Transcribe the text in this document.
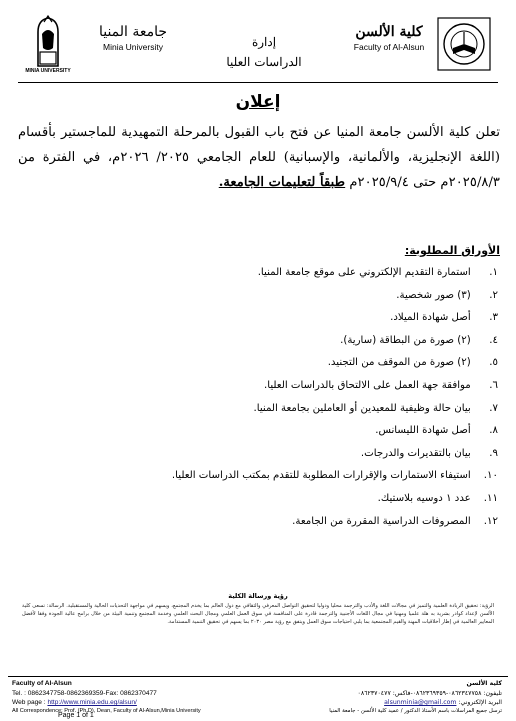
MINIA UNIVERSITY
جامعة المنيا
Minia University	إدارة
الدراسات العليا
كلية الألسن
Faculty of Al-Alsun
إعلان
تعلن كلية الألسن جامعة المنيا عن فتح باب القبول بالمرحلة التمهيدية للماجستير بأقسام (اللغة الإنجليزية، والألمانية، والإسبانية) للعام الجامعي ٢٠٢٥/ ٢٠٢٦م، في الفترة من ٢٠٢٥/٨/٣م حتى ٢٠٢٥/٩/٤م طبقاً لتعليمات الجامعة.
الأوراق المطلوبة:
١. استمارة التقديم الإلكتروني على موقع جامعة المنيا.
٢. (٣) صور شخصية.
٣. أصل شهادة الميلاد.
٤. (٢) صورة من البطاقة (سارية).
٥. (٢) صورة من الموقف من التجنيد.
٦. موافقة جهة العمل على الالتحاق بالدراسات العليا.
٧. بيان حالة وظيفية للمعيدين أو العاملين بجامعة المنيا.
٨. أصل شهادة الليسانس.
٩. بيان بالتقديرات والدرجات.
١٠. استيفاء الاستمارات والإقرارات المطلوبة للتقدم بمكتب الدراسات العليا.
١١. عدد ١ دوسيه بلاستيك.
١٢. المصروفات الدراسية المقررة من الجامعة.
رؤية ورسالة الكلية
الرؤية: تحقيق الريادة العلمية والتميز في مجالات اللغة والأدب والترجمة محليا ودوليا لتحقيق التواصل المعرفي والثقافي مع دول العالم بما يخدم المجتمع، ويسهم في مواجهة التحديات الحالية والمستقبلية. الرسالة: تسعى كلية الألسن لإعداد كوادر بشرية به هلة علميا ومهنيا في مجال اللغات الأجنبية والترجمة قادرة على المنافسة في سوق العمل العلمي ومجال البحث العلمي وخدمة المجتمع وتنمية البيئة من خلال برامج عالية الجودة وفقا لأفضل المعايير العالمية في إطار أخلاقيات المهنة والقيم المجتمعية بما يلبي احتياجات سوق العمل ويتفق مع رؤية مصر ٢٠٣٠ بما يسهم في تحقيق التنمية المستدامة.
Faculty of Al-Alsun
Tel. : 0862347758-0862369359-Fax: 0862370477
Web page : http://www.minia.edu.eg/alsun/
All Correspondence: Prof. (Ph.D), Dean, Faculty of Al-Alsun,Minia University
كلية الألسن
تليفون: ٠٨٦٢٣٤٧٧٥٨-٠٨٦٢٣٦٩٣٥٩-فاكس: ٠٨٦٢٣٧٠٤٧٧
البريد الإلكتروني: alsunminia@gmail.com
ترسل جميع المراسلات باسم الأستاذ الدكتور / عميد كلية الألسن - جامعة المنيا
Page 1 of 1
